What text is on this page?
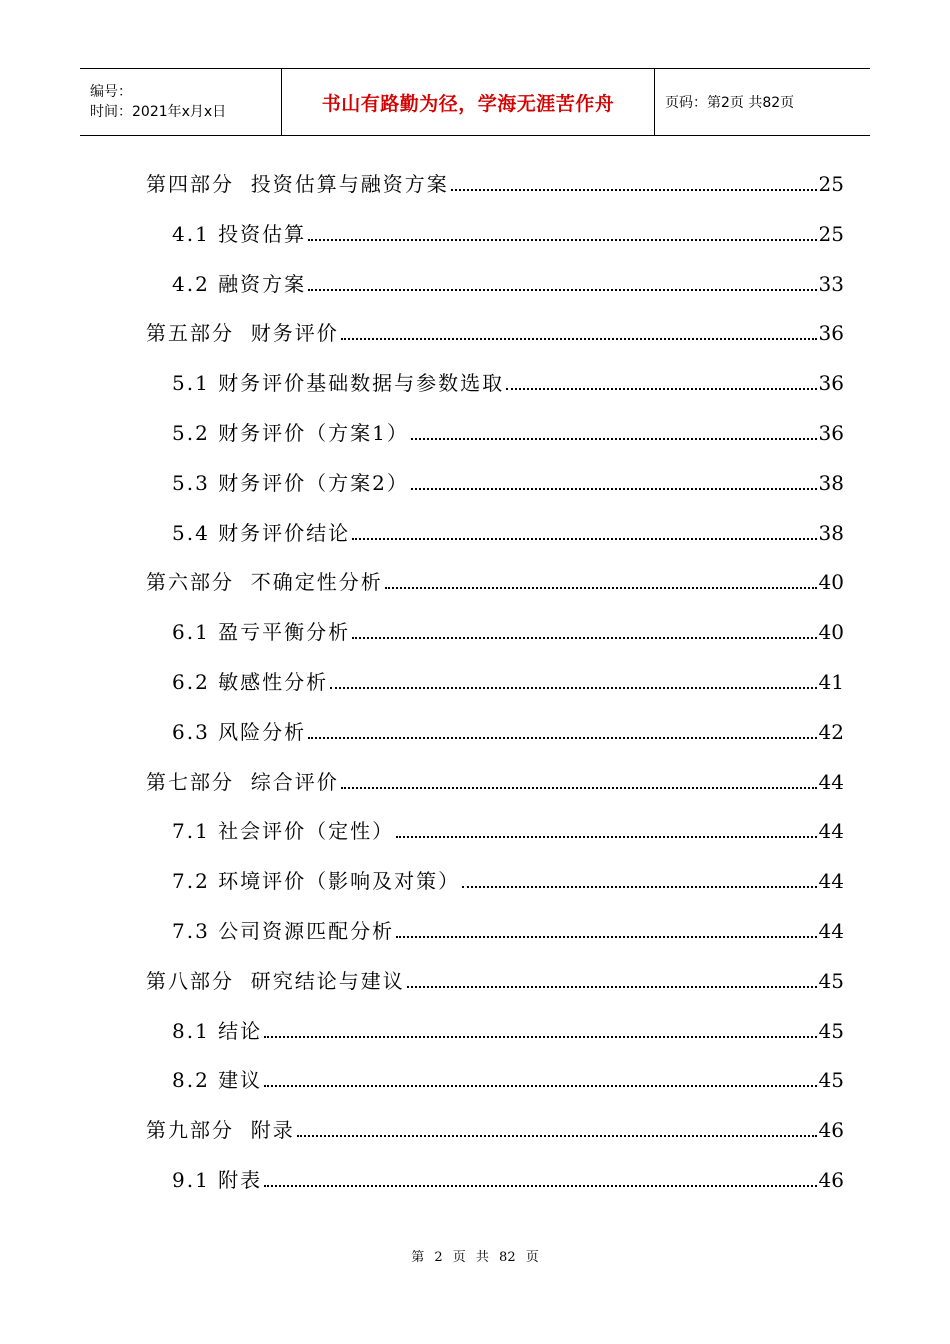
编号：
时间：2021年x月x日	书山有路勤为径，学海无涯苦作舟	页码：第2页 共82页
第四部分  投资估算与融资方案	25
4.1 投资估算	25
4.2 融资方案	33
第五部分  财务评价	36
5.1 财务评价基础数据与参数选取	36
5.2 财务评价（方案1）	36
5.3 财务评价（方案2）	38
5.4 财务评价结论	38
第六部分  不确定性分析	40
6.1 盈亏平衡分析	40
6.2 敏感性分析	41
6.3 风险分析	42
第七部分  综合评价	44
7.1 社会评价（定性）	44
7.2 环境评价（影响及对策）	44
7.3 公司资源匹配分析	44
第八部分  研究结论与建议	45
8.1 结论	45
8.2 建议	45
第九部分  附录	46
9.1 附表	46
第 2 页 共 82 页
